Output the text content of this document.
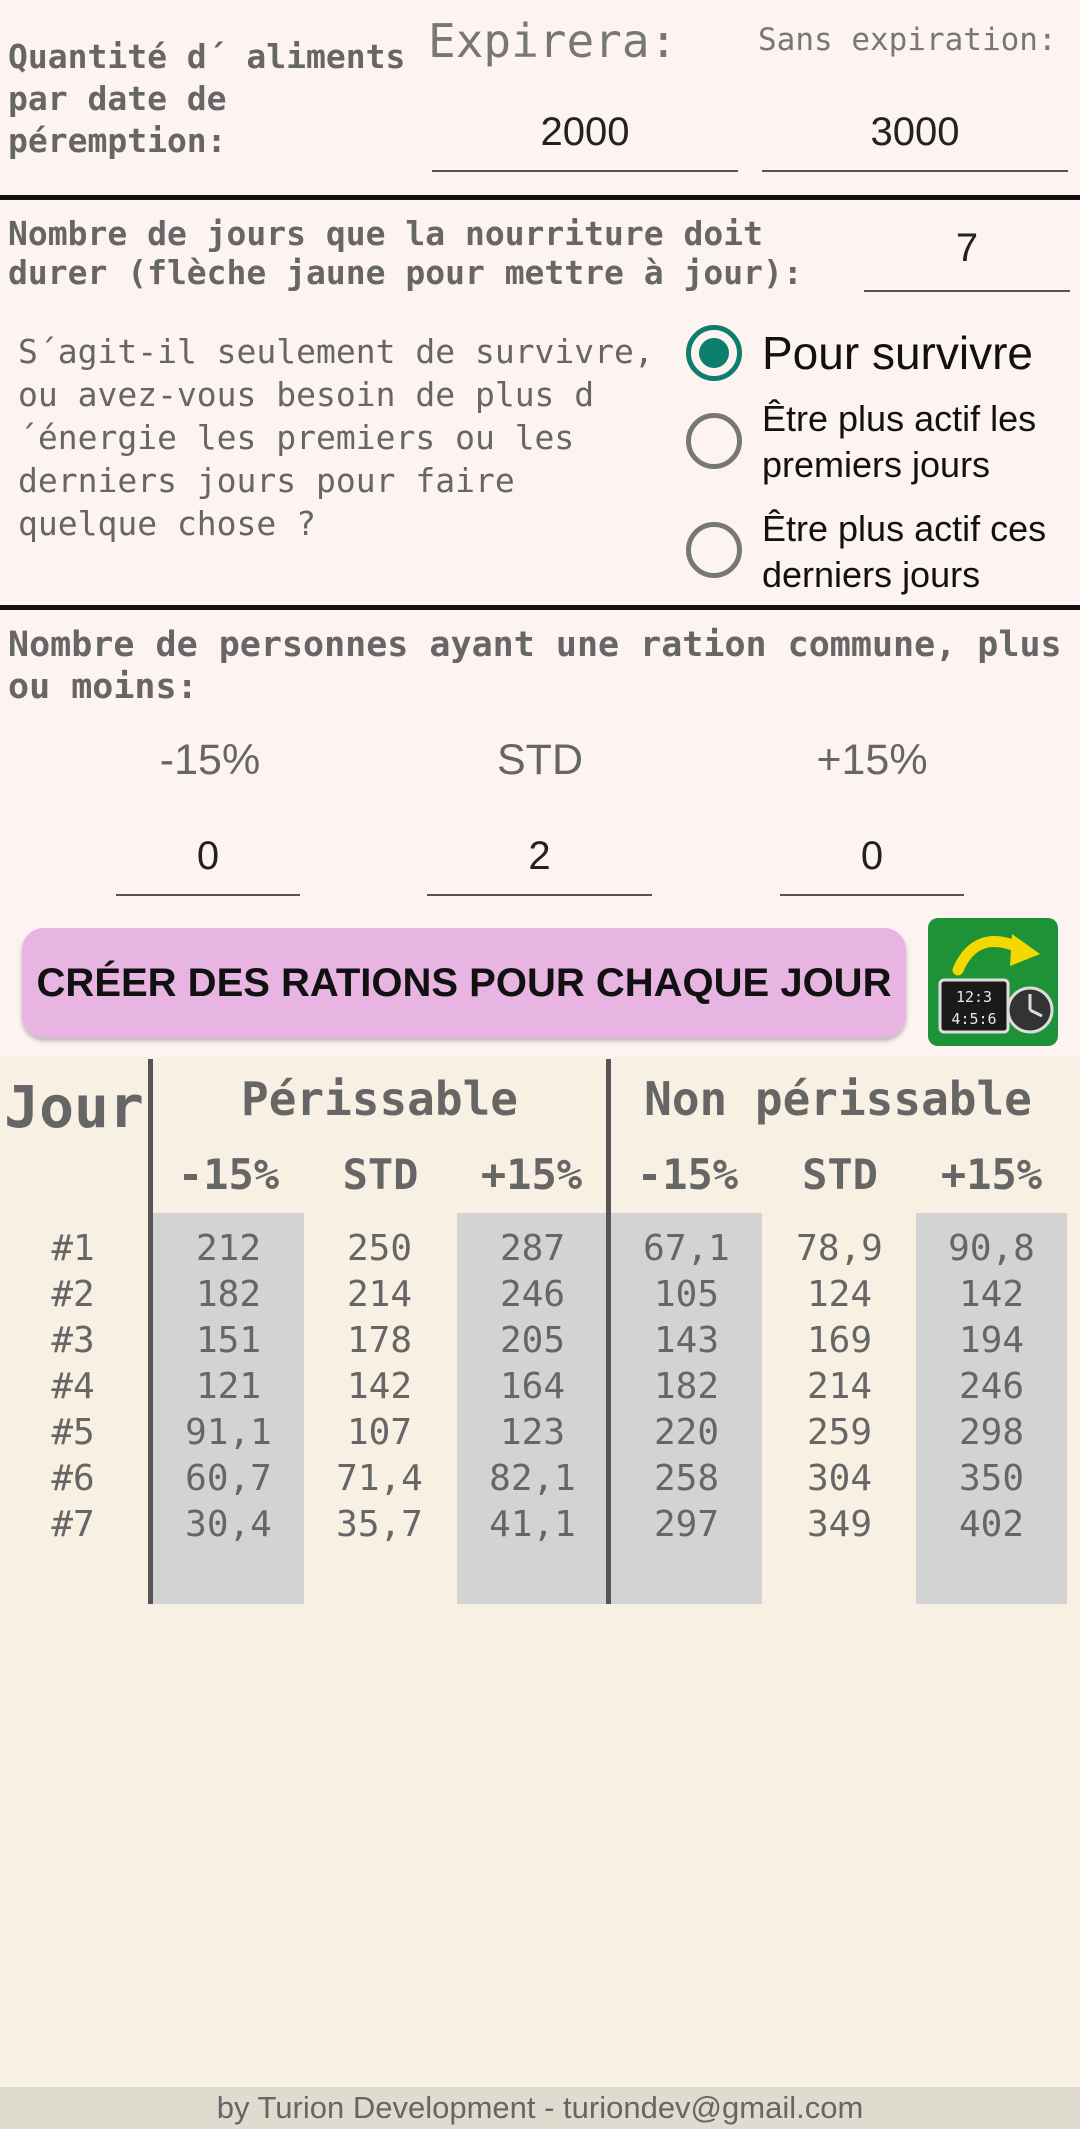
Quantité d´ aliments par date de péremption:
Expirera:	Sans expiration:
2000	3000
Nombre de jours que la nourriture doit durer (flèche jaune pour mettre à jour):
7
S´agit-il seulement de survivre, ou avez-vous besoin de plus d´énergie les premiers ou les derniers jours pour faire quelque chose ?
Pour survivre
Être plus actif les premiers jours
Être plus actif ces derniers jours
Nombre de personnes ayant une ration commune, plus ou moins:
-15%	STD	+15%
0	2	0
CRÉER DES RATIONS POUR CHAQUE JOUR	12:3
4:5:6
Jour	Périssable	Non périssable
-15%	STD	+15%	-15%	STD	+15%
#1	212	250	287	67,1	78,9	90,8
#2	182	214	246	105	124	142
#3	151	178	205	143	169	194
#4	121	142	164	182	214	246
#5	91,1	107	123	220	259	298
#6	60,7	71,4	82,1	258	304	350
#7	30,4	35,7	41,1	297	349	402
by Turion Development - turiondev@gmail.com
